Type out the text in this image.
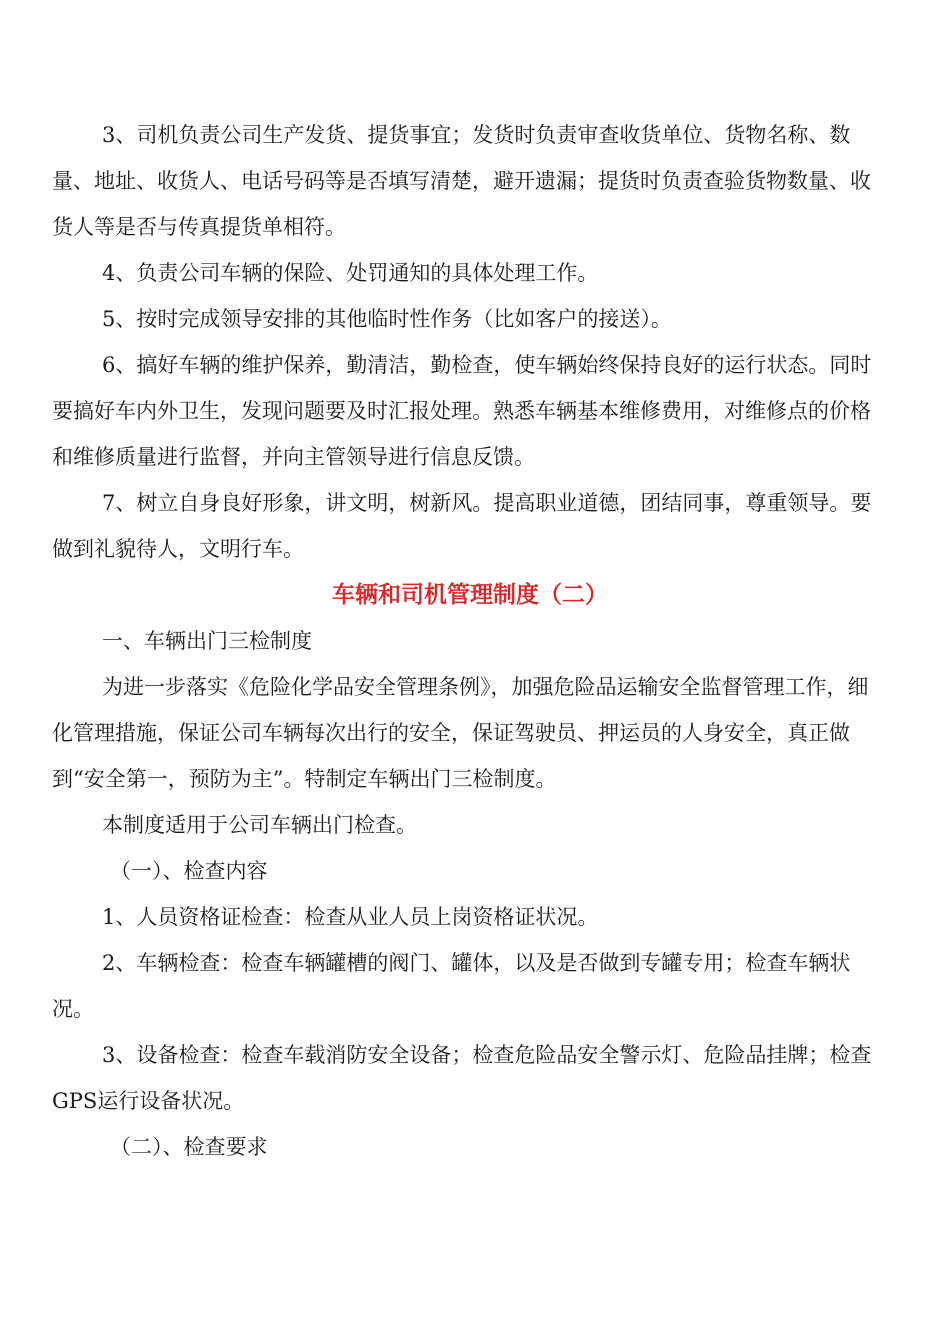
3、司机负责公司生产发货、提货事宜；发货时负责审查收货单位、货物名称、数量、地址、收货人、电话号码等是否填写清楚，避开遗漏；提货时负责查验货物数量、收货人等是否与传真提货单相符。

4、负责公司车辆的保险、处罚通知的具体处理工作。

5、按时完成领导安排的其他临时性作务（比如客户的接送）。

6、搞好车辆的维护保养，勤清洁，勤检查，使车辆始终保持良好的运行状态。同时要搞好车内外卫生，发现问题要及时汇报处理。熟悉车辆基本维修费用，对维修点的价格和维修质量进行监督，并向主管领导进行信息反馈。

7、树立自身良好形象，讲文明，树新风。提高职业道德，团结同事，尊重领导。要做到礼貌待人，文明行车。

车辆和司机管理制度（二）

一、车辆出门三检制度

为进一步落实《危险化学品安全管理条例》，加强危险品运输安全监督管理工作，细化管理措施，保证公司车辆每次出行的安全，保证驾驶员、押运员的人身安全，真正做到“安全第一，预防为主”。特制定车辆出门三检制度。

本制度适用于公司车辆出门检查。

（一）、检查内容

1、人员资格证检查：检查从业人员上岗资格证状况。

2、车辆检查：检查车辆罐槽的阀门、罐体，以及是否做到专罐专用；检查车辆状况。

3、设备检查：检查车载消防安全设备；检查危险品安全警示灯、危险品挂牌；检查GPS运行设备状况。

（二）、检查要求
